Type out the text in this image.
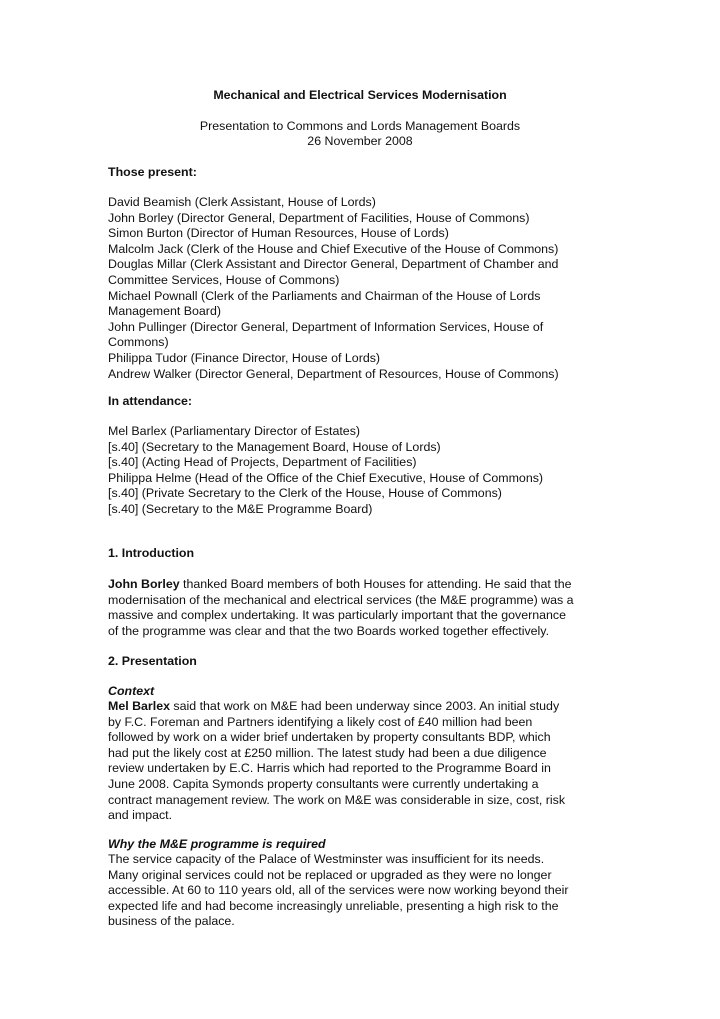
Mechanical and Electrical Services Modernisation
Presentation to Commons and Lords Management Boards
26 November 2008
Those present:
David Beamish (Clerk Assistant, House of Lords)
John Borley (Director General, Department of Facilities, House of Commons)
Simon Burton (Director of Human Resources, House of Lords)
Malcolm Jack (Clerk of the House and Chief Executive of the House of Commons)
Douglas Millar (Clerk Assistant and Director General, Department of Chamber and
Committee Services, House of Commons)
Michael Pownall (Clerk of the Parliaments and Chairman of the House of Lords
Management Board)
John Pullinger (Director General, Department of Information Services, House of
Commons)
Philippa Tudor (Finance Director, House of Lords)
Andrew Walker (Director General, Department of Resources, House of Commons)
In attendance:
Mel Barlex (Parliamentary Director of Estates)
[s.40] (Secretary to the Management Board, House of Lords)
[s.40] (Acting Head of Projects, Department of Facilities)
Philippa Helme (Head of the Office of the Chief Executive, House of Commons)
[s.40] (Private Secretary to the Clerk of the House, House of Commons)
[s.40] (Secretary to the M&E Programme Board)
1. Introduction
John Borley thanked Board members of both Houses for attending. He said that the
modernisation of the mechanical and electrical services (the M&E programme) was a
massive and complex undertaking. It was particularly important that the governance
of the programme was clear and that the two Boards worked together effectively.
2. Presentation
Context
Mel Barlex said that work on M&E had been underway since 2003. An initial study
by F.C. Foreman and Partners identifying a likely cost of £40 million had been
followed by work on a wider brief undertaken by property consultants BDP, which
had put the likely cost at £250 million. The latest study had been a due diligence
review undertaken by E.C. Harris which had reported to the Programme Board in
June 2008. Capita Symonds property consultants were currently undertaking a
contract management review. The work on M&E was considerable in size, cost, risk
and impact.
Why the M&E programme is required
The service capacity of the Palace of Westminster was insufficient for its needs.
Many original services could not be replaced or upgraded as they were no longer
accessible. At 60 to 110 years old, all of the services were now working beyond their
expected life and had become increasingly unreliable, presenting a high risk to the
business of the palace.
